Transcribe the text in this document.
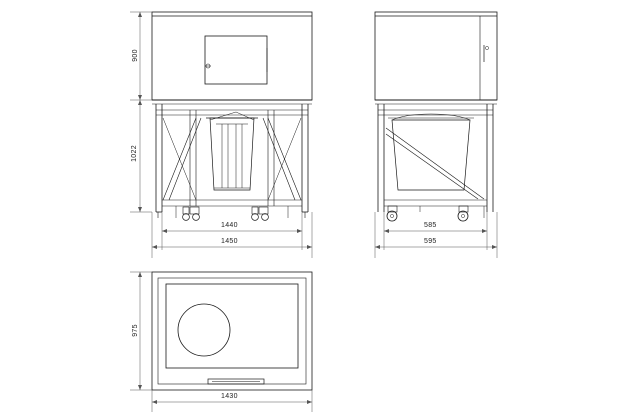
900
1022
1440
1450
585
595
975
1430
